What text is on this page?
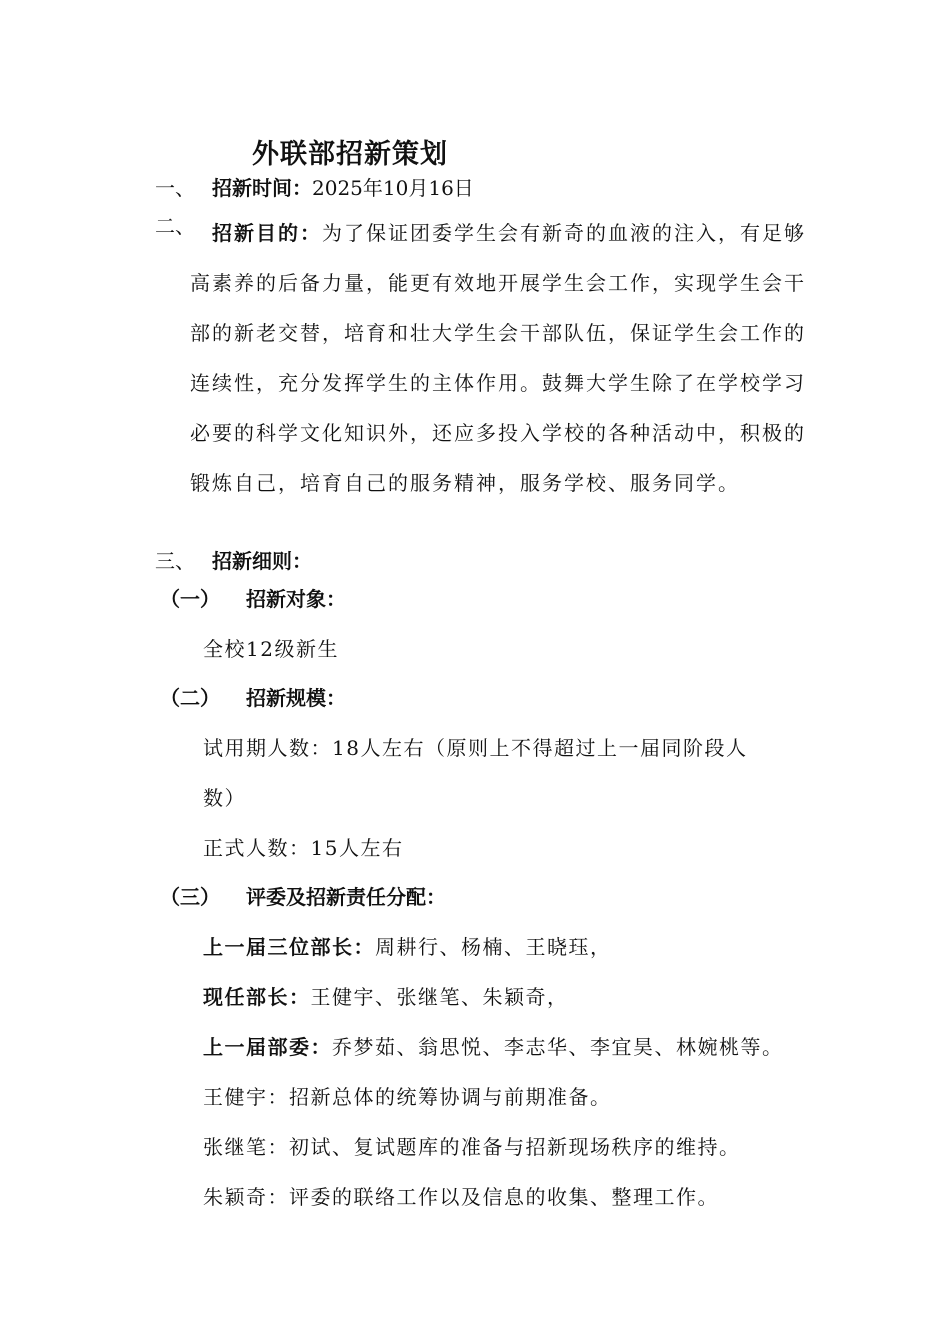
外联部招新策划
一、 招新时间： 2025年10月16日
二、 招新目的：为了保证团委学生会有新奇的血液的注入，有足够高素养的后备力量，能更有效地开展学生会工作，实现学生会干部的新老交替，培育和壮大学生会干部队伍，保证学生会工作的连续性，充分发挥学生的主体作用。鼓舞大学生除了在学校学习必要的科学文化知识外，还应多投入学校的各种活动中，积极的锻炼自己，培育自己的服务精神，服务学校、服务同学。
三、 招新细则：
（一） 招新对象：
全校12级新生
（二） 招新规模：
试用期人数：18人左右（原则上不得超过上一届同阶段人
数）
正式人数：15人左右
（三） 评委及招新责任分配：
上一届三位部长：周耕行、杨楠、王晓珏，
现任部长：王健宇、张继笔、朱颖奇，
上一届部委：乔梦茹、翁思悦、李志华、李宜昊、林婉桃等。
王健宇：招新总体的统筹协调与前期准备。
张继笔：初试、复试题库的准备与招新现场秩序的维持。
朱颖奇：评委的联络工作以及信息的收集、整理工作。
